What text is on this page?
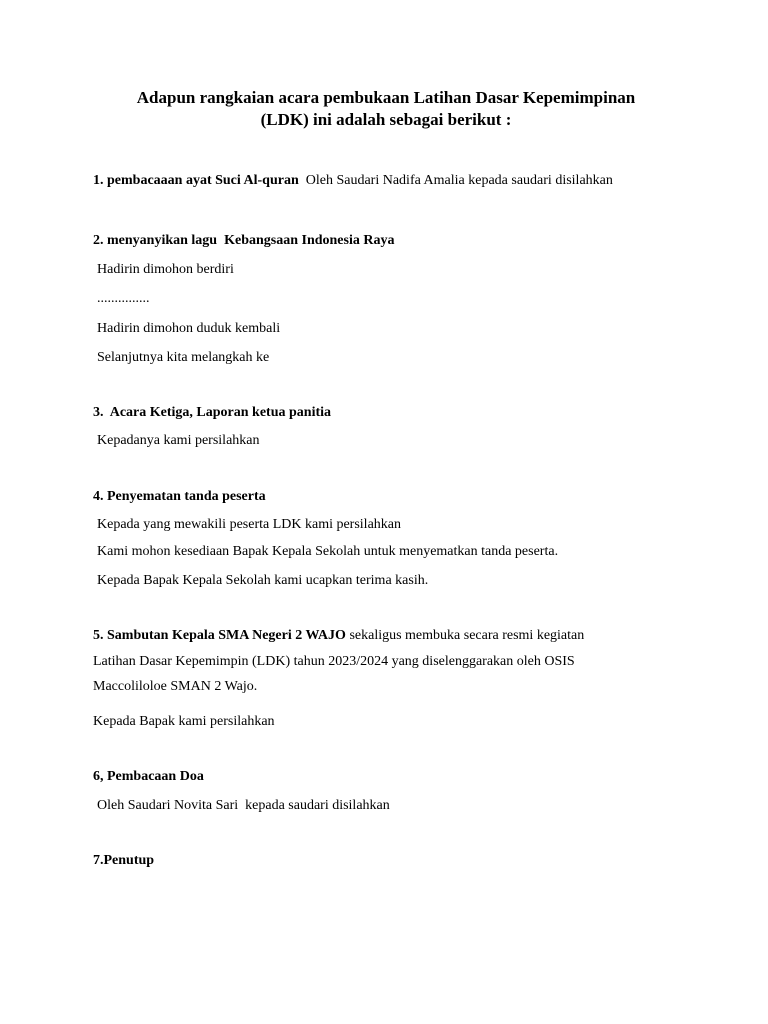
Adapun rangkaian acara pembukaan Latihan Dasar Kepemimpinan
(LDK) ini adalah sebagai berikut :
1. pembacaaan ayat Suci Al-quran  Oleh Saudari Nadifa Amalia kepada saudari disilahkan
2. menyanyikan lagu  Kebangsaan Indonesia Raya
Hadirin dimohon berdiri
...............
Hadirin dimohon duduk kembali
Selanjutnya kita melangkah ke
3.  Acara Ketiga, Laporan ketua panitia
Kepadanya kami persilahkan
4. Penyematan tanda peserta
Kepada yang mewakili peserta LDK kami persilahkan
Kami mohon kesediaan Bapak Kepala Sekolah untuk menyematkan tanda peserta.
Kepada Bapak Kepala Sekolah kami ucapkan terima kasih.
5. Sambutan Kepala SMA Negeri 2 WAJO sekaligus membuka secara resmi kegiatan
Latihan Dasar Kepemimpin (LDK) tahun 2023/2024 yang diselenggarakan oleh OSIS
Maccoliloloe SMAN 2 Wajo.
Kepada Bapak kami persilahkan
6, Pembacaan Doa
Oleh Saudari Novita Sari  kepada saudari disilahkan
7.Penutup
